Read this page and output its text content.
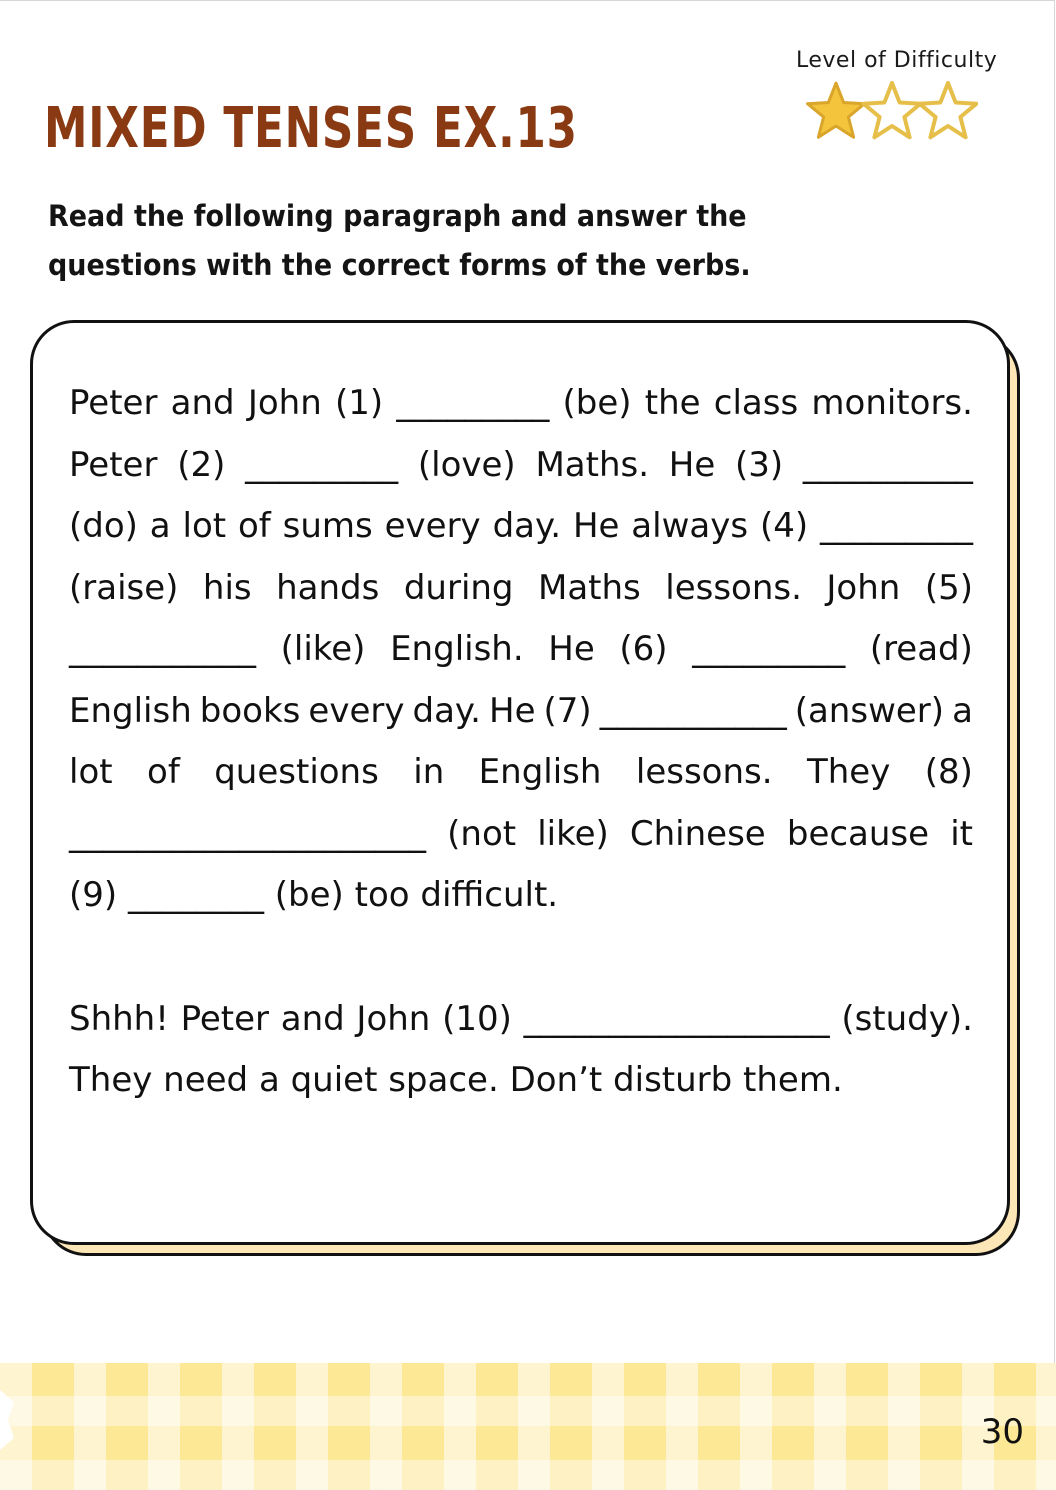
Level of Difficulty
MIXED TENSES EX.13

Read the following paragraph and answer the questions with the correct forms of the verbs.

Peter and John (1) _________ (be) the class monitors.
Peter (2) _________ (love) Maths. He (3) __________
(do) a lot of sums every day. He always (4) _________
(raise) his hands during Maths lessons. John (5)
___________ (like) English. He (6) _________ (read)
English books every day. He (7) ___________ (answer) a
lot of questions in English lessons. They (8)
_____________________ (not like) Chinese because it
(9) ________ (be) too difficult.

Shhh! Peter and John (10) __________________ (study).
They need a quiet space. Don’t disturb them.

30
